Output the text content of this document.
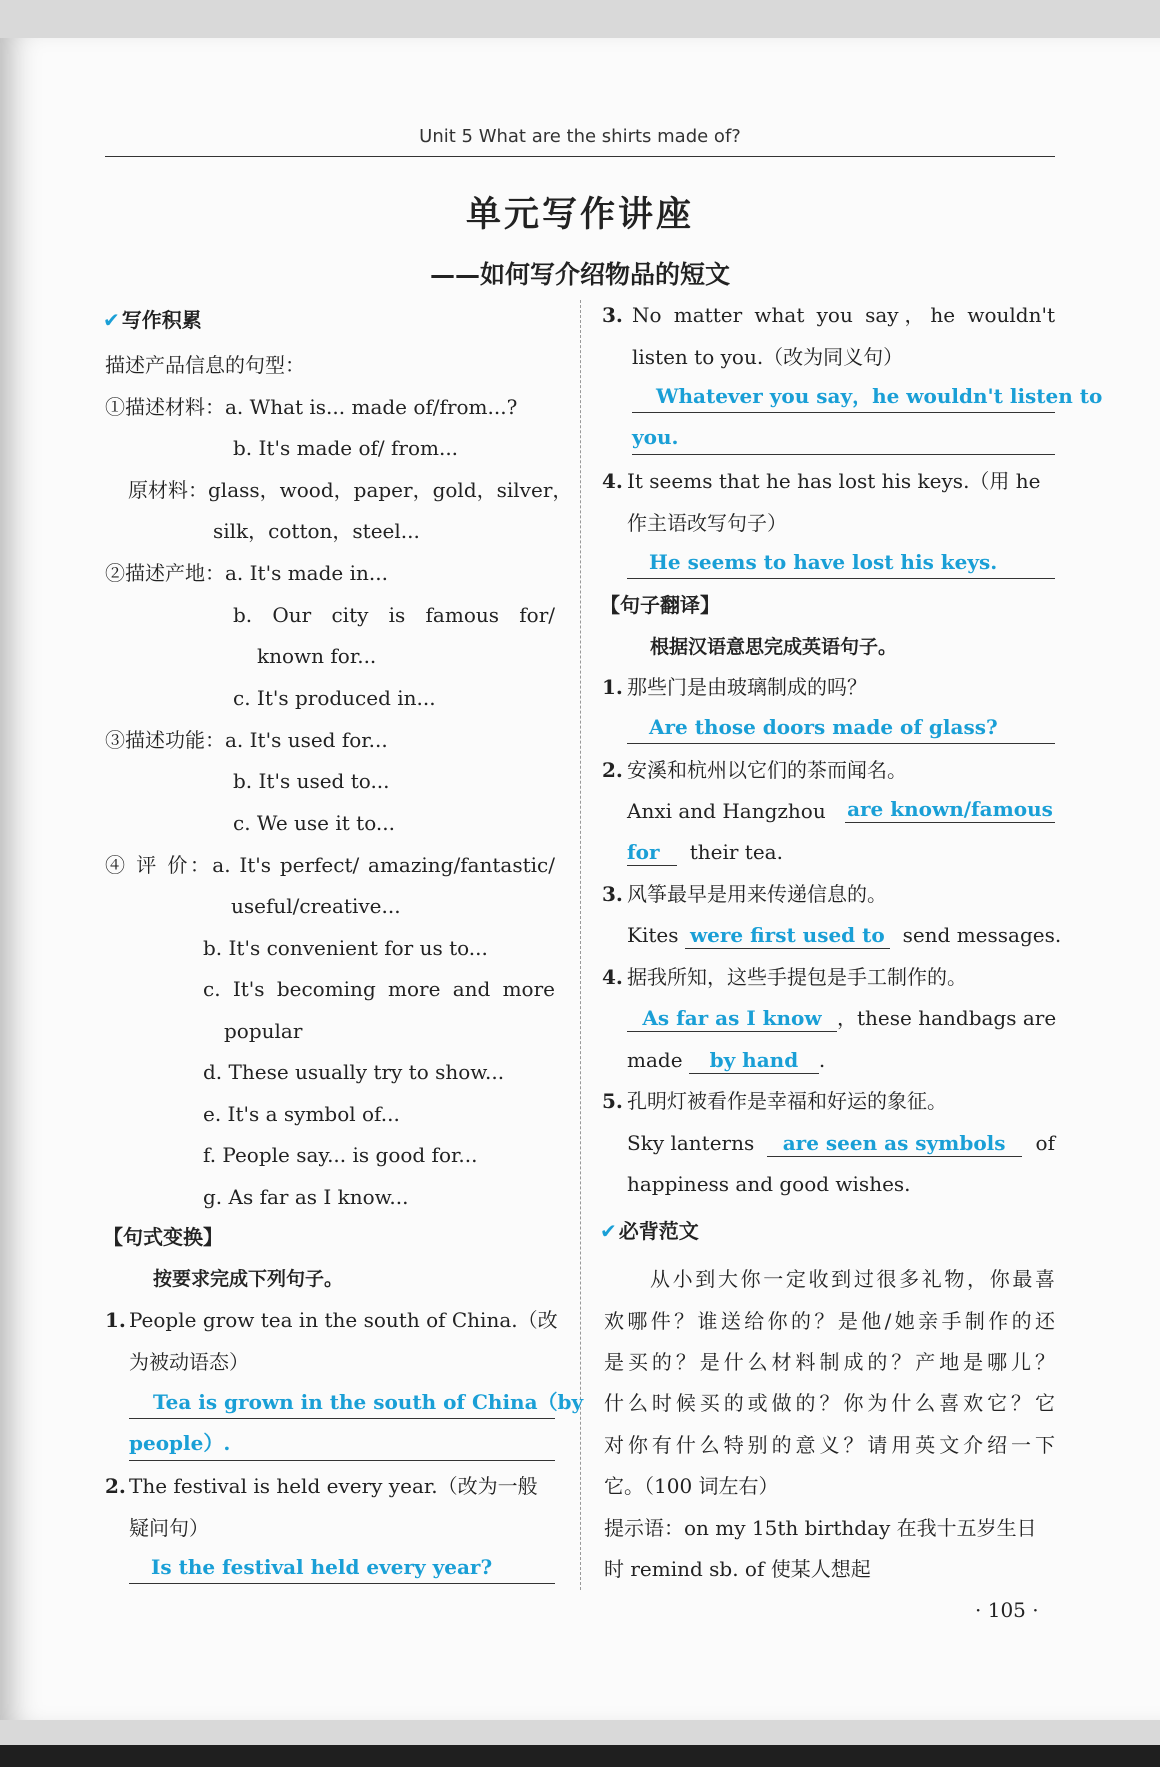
Unit 5 What are the shirts made of?
单元写作讲座
——如何写介绍物品的短文
✔ 写作积累
描述产品信息的句型：
①描述材料：a. What is... made of/from...?
b. It's made of/ from...
原材料：glass，wood，paper，gold，silver，
silk，cotton，steel...
②描述产地：a. It's made in...
b. Our city is famous for/
known for...
c. It's produced in...
③描述功能：a. It's used for...
b. It's used to...
c. We use it to...
④ 评 价：a. It's perfect/ amazing/fantastic/
useful/creative...
b. It's convenient for us to...
c. It's becoming more and more
popular
d. These usually try to show...
e. It's a symbol of...
f. People say... is good for...
g. As far as I know...
【句式变换】
按要求完成下列句子。
1. People grow tea in the south of China.（改
为被动语态）
Tea is grown in the south of China（by
people）.
2. The festival is held every year.（改为一般
疑问句）
Is the festival held every year?
3. No matter what you say，he wouldn't
listen to you.（改为同义句）
Whatever you say，he wouldn't listen to
you.
4. It seems that he has lost his keys.（用 he
作主语改写句子）
He seems to have lost his keys.
【句子翻译】
根据汉语意思完成英语句子。
1. 那些门是由玻璃制成的吗？
Are those doors made of glass?
2. 安溪和杭州以它们的茶而闻名。
Anxi and Hangzhou are known/famous
for their tea.
3. 风筝最早是用来传递信息的。
Kites were first used to send messages.
4. 据我所知，这些手提包是手工制作的。
As far as I know ，these handbags are
made by hand .
5. 孔明灯被看作是幸福和好运的象征。
Sky lanterns are seen as symbols of
happiness and good wishes.
✔ 必背范文
从小到大你一定收到过很多礼物，你最喜
欢哪件？谁送给你的？是他/她亲手制作的还
是买的？是什么材料制成的？产地是哪儿？
什么时候买的或做的？你为什么喜欢它？它
对你有什么特别的意义？请用英文介绍一下
它。（100 词左右）
提示语：on my 15th birthday 在我十五岁生日
时 remind sb. of 使某人想起
· 105 ·
